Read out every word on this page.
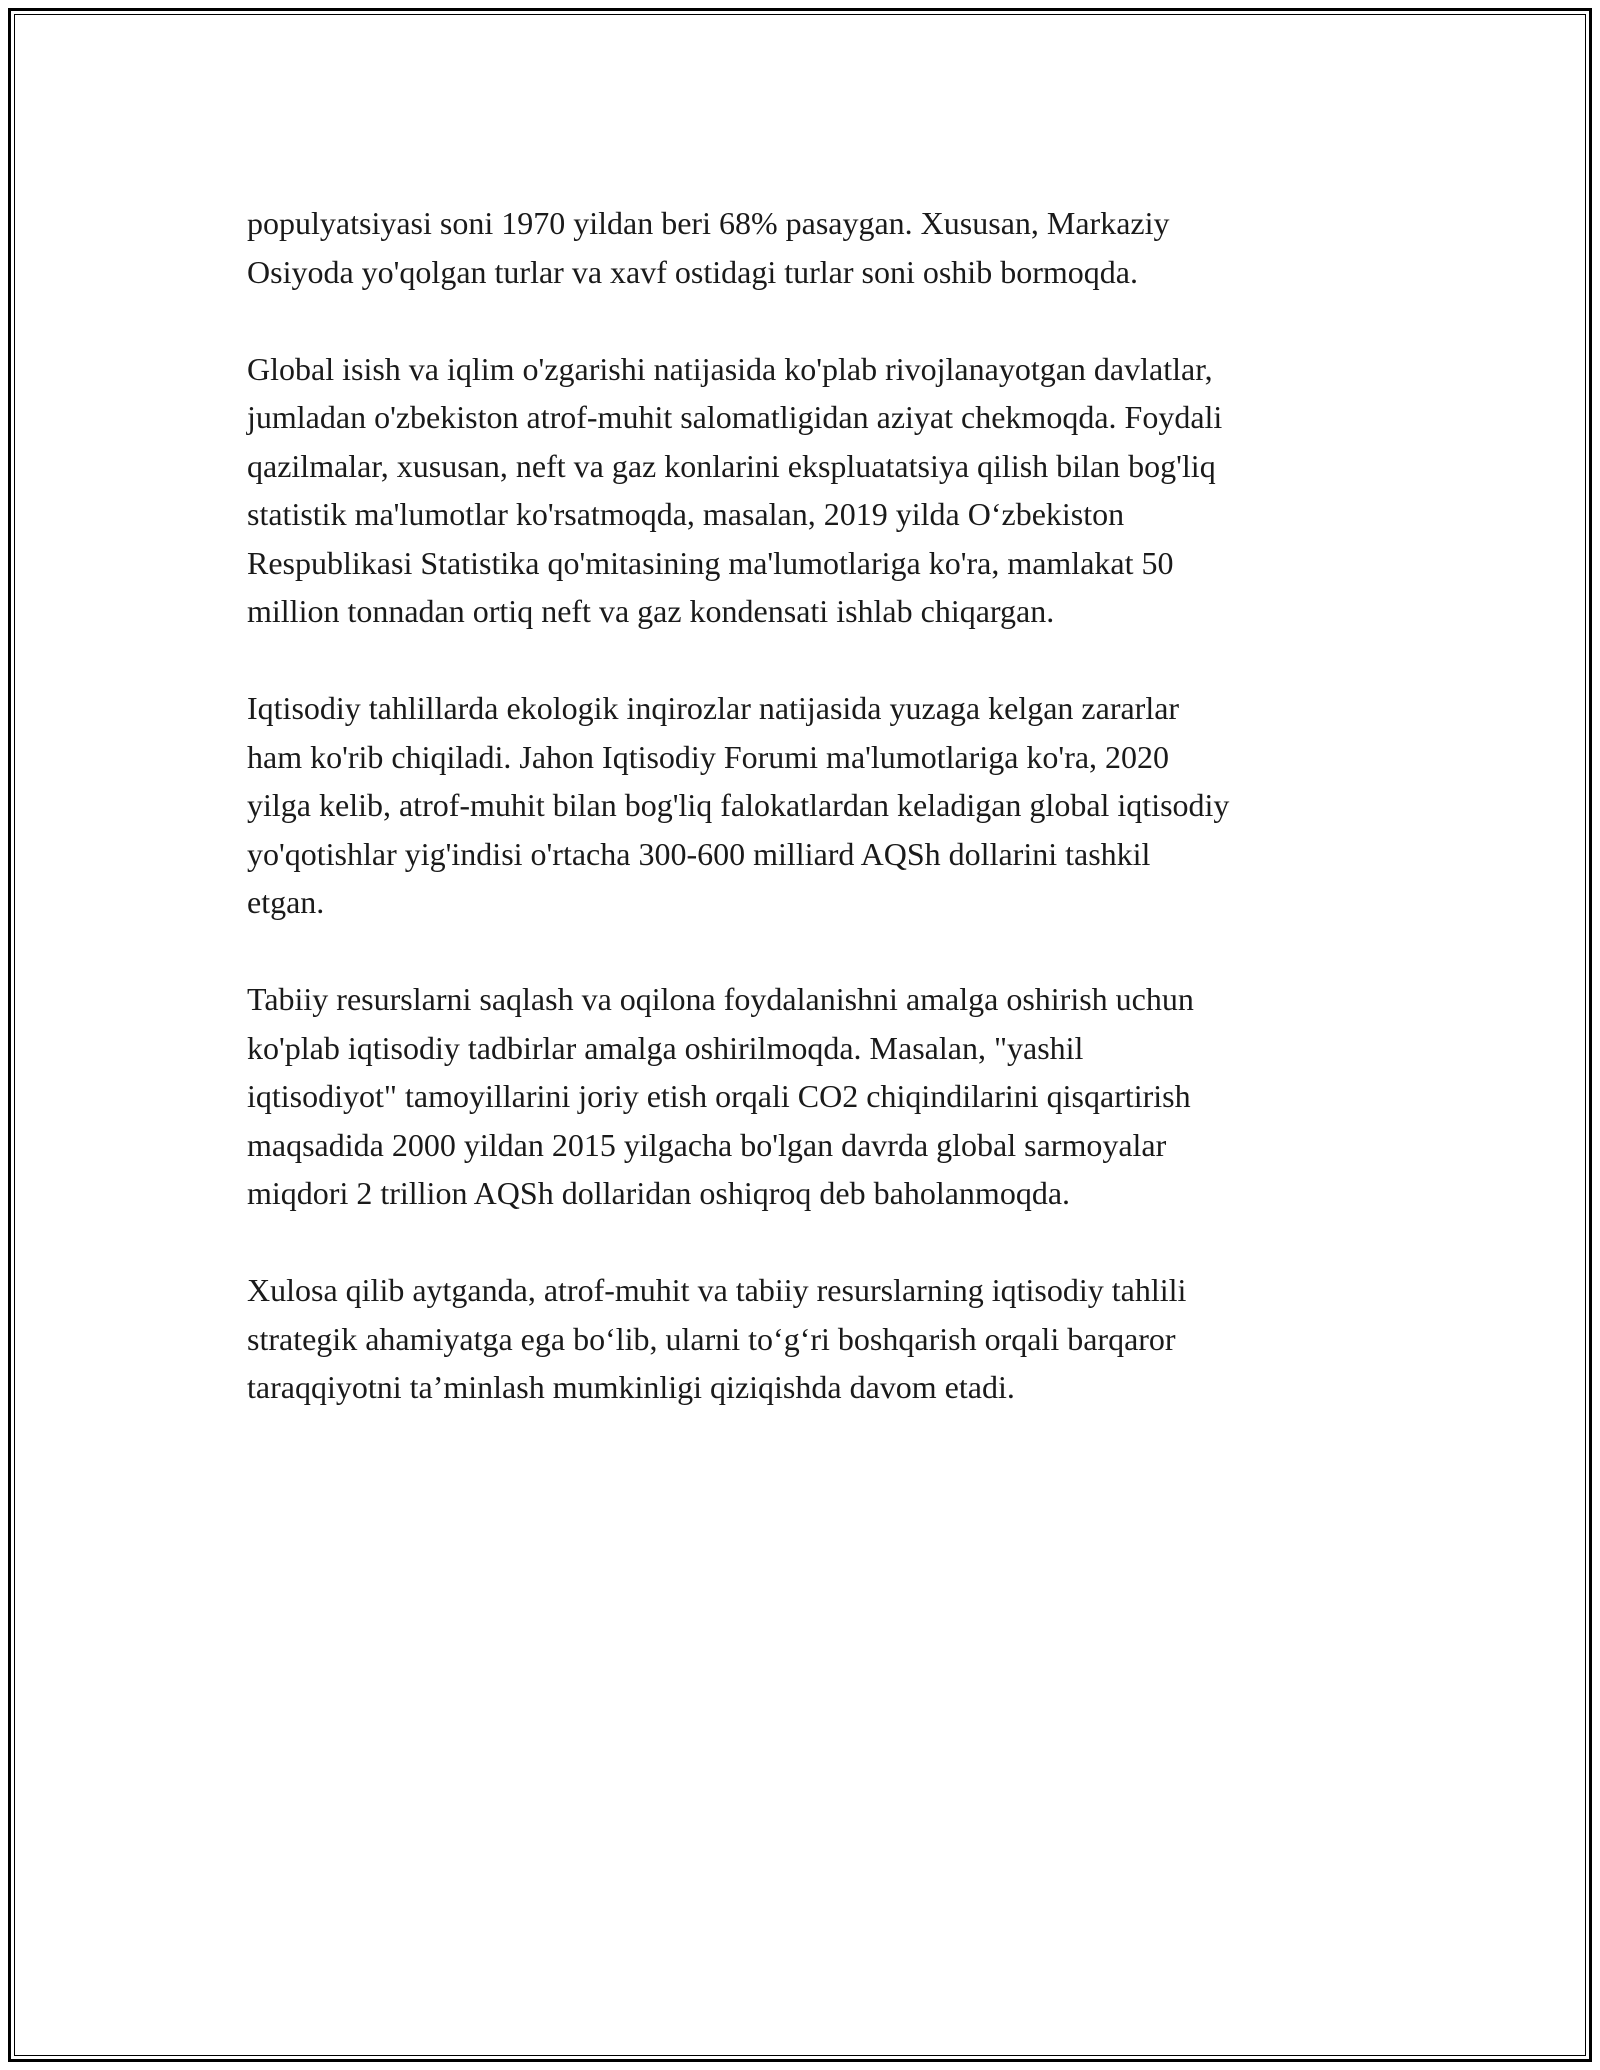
populyatsiyasi soni 1970 yildan beri 68% pasaygan. Xususan, Markaziy
Osiyoda yo'qolgan turlar va xavf ostidagi turlar soni oshib bormoqda.

Global isish va iqlim o'zgarishi natijasida ko'plab rivojlanayotgan davlatlar,
jumladan o'zbekiston atrof-muhit salomatligidan aziyat chekmoqda. Foydali
qazilmalar, xususan, neft va gaz konlarini ekspluatatsiya qilish bilan bog'liq
statistik ma'lumotlar ko'rsatmoqda, masalan, 2019 yilda O‘zbekiston
Respublikasi Statistika qo'mitasining ma'lumotlariga ko'ra, mamlakat 50
million tonnadan ortiq neft va gaz kondensati ishlab chiqargan.

Iqtisodiy tahlillarda ekologik inqirozlar natijasida yuzaga kelgan zararlar
ham ko'rib chiqiladi. Jahon Iqtisodiy Forumi ma'lumotlariga ko'ra, 2020
yilga kelib, atrof-muhit bilan bog'liq falokatlardan keladigan global iqtisodiy
yo'qotishlar yig'indisi o'rtacha 300-600 milliard AQSh dollarini tashkil
etgan.

Tabiiy resurslarni saqlash va oqilona foydalanishni amalga oshirish uchun
ko'plab iqtisodiy tadbirlar amalga oshirilmoqda. Masalan, "yashil
iqtisodiyot" tamoyillarini joriy etish orqali CO2 chiqindilarini qisqartirish
maqsadida 2000 yildan 2015 yilgacha bo'lgan davrda global sarmoyalar
miqdori 2 trillion AQSh dollaridan oshiqroq deb baholanmoqda.

Xulosa qilib aytganda, atrof-muhit va tabiiy resurslarning iqtisodiy tahlili
strategik ahamiyatga ega bo‘lib, ularni to‘g‘ri boshqarish orqali barqaror
taraqqiyotni ta’minlash mumkinligi qiziqishda davom etadi.
